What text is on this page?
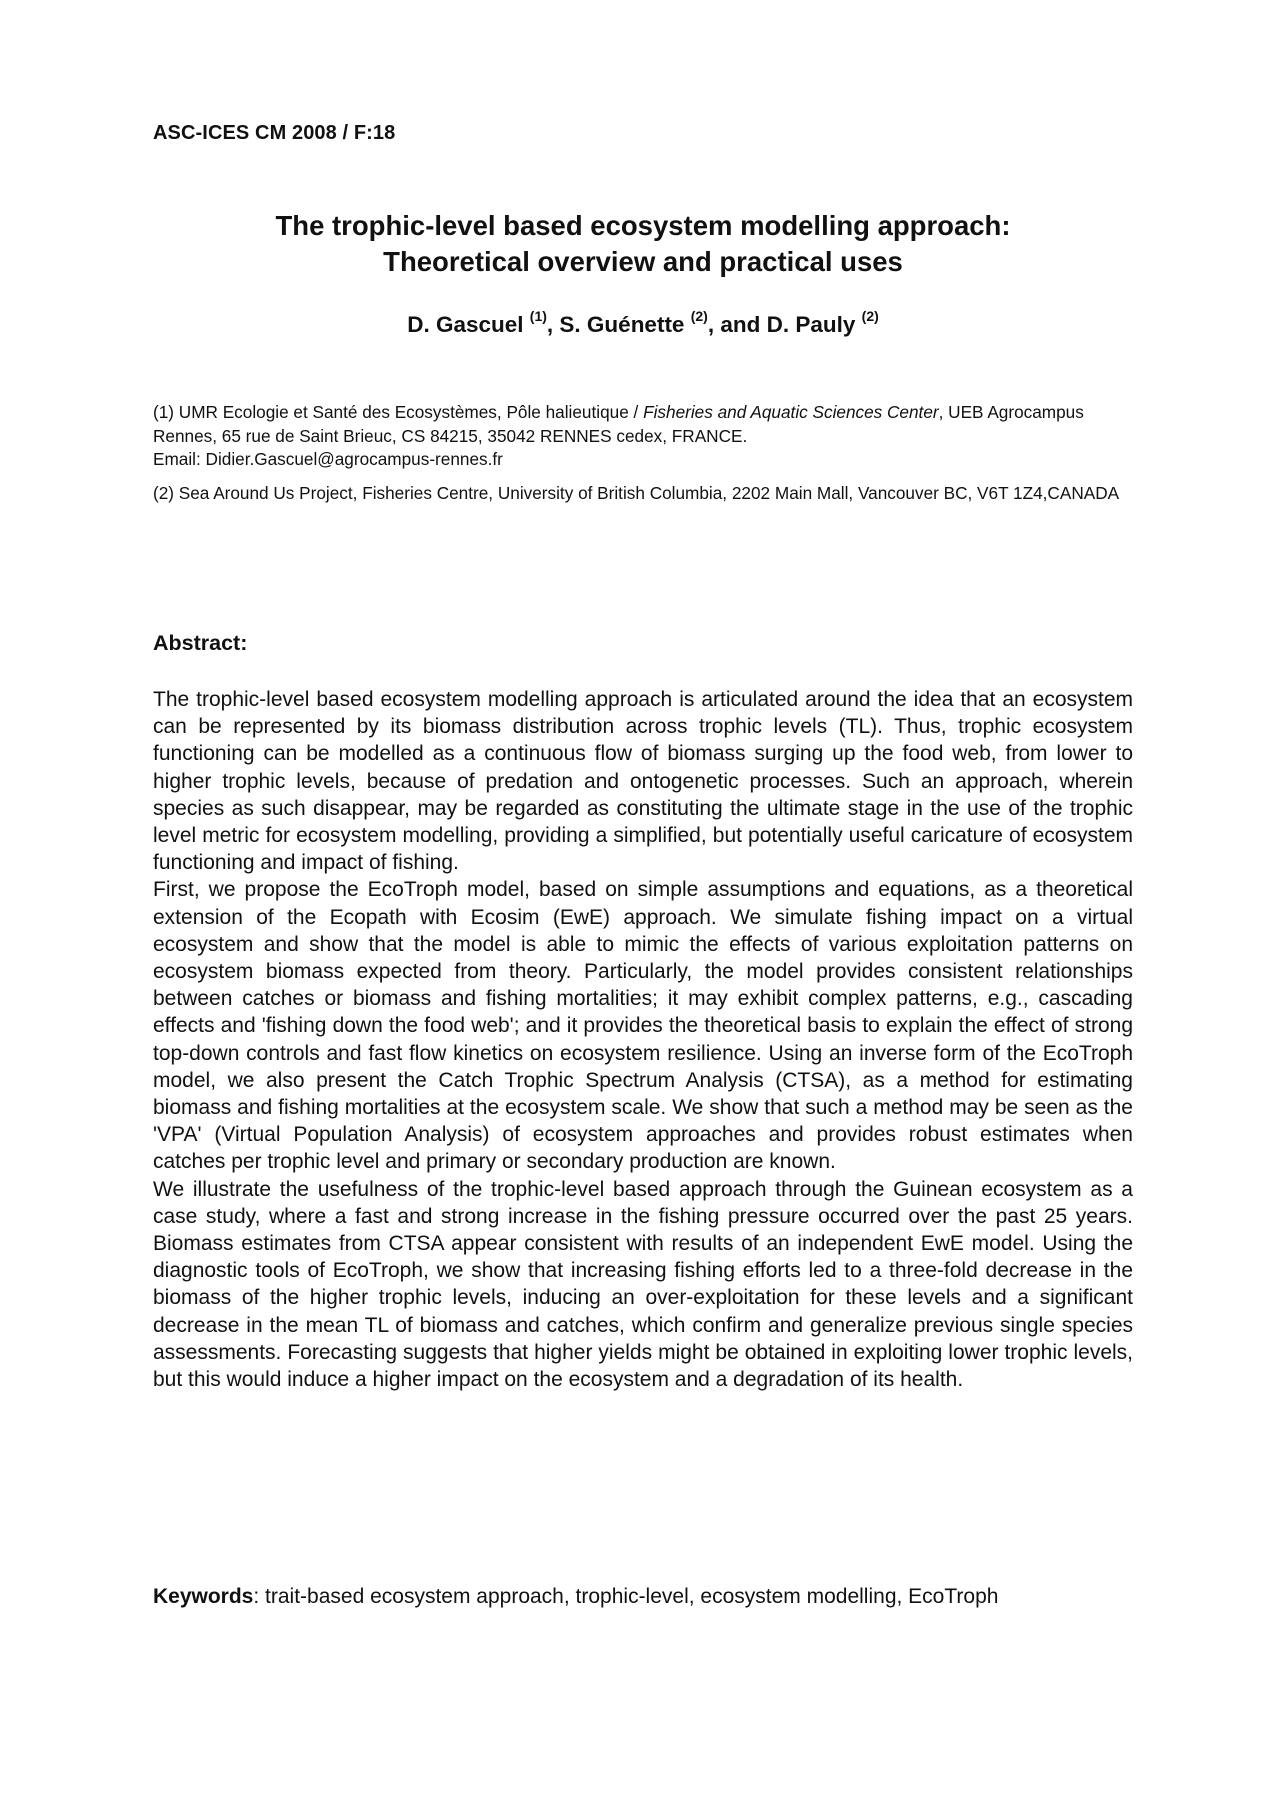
ASC-ICES CM 2008 / F:18
The trophic-level based ecosystem modelling approach:
Theoretical overview and practical uses
D. Gascuel $^{(1)}$, S. Guénette $^{(2)}$, and D. Pauly $^{(2)}$
(1) UMR Ecologie et Santé des Ecosystèmes, Pôle halieutique / Fisheries and Aquatic Sciences Center, UEB Agrocampus Rennes, 65 rue de Saint Brieuc, CS 84215, 35042 RENNES cedex, FRANCE.
Email: Didier.Gascuel@agrocampus-rennes.fr
(2) Sea Around Us Project, Fisheries Centre, University of British Columbia, 2202 Main Mall, Vancouver BC, V6T 1Z4,CANADA
Abstract:

The trophic-level based ecosystem modelling approach is articulated around the idea that an ecosystem can be represented by its biomass distribution across trophic levels (TL). Thus, trophic ecosystem functioning can be modelled as a continuous flow of biomass surging up the food web, from lower to higher trophic levels, because of predation and ontogenetic processes. Such an approach, wherein species as such disappear, may be regarded as constituting the ultimate stage in the use of the trophic level metric for ecosystem modelling, providing a simplified, but potentially useful caricature of ecosystem functioning and impact of fishing.

First, we propose the EcoTroph model, based on simple assumptions and equations, as a theoretical extension of the Ecopath with Ecosim (EwE) approach. We simulate fishing impact on a virtual ecosystem and show that the model is able to mimic the effects of various exploitation patterns on ecosystem biomass expected from theory. Particularly, the model provides consistent relationships between catches or biomass and fishing mortalities; it may exhibit complex patterns, e.g., cascading effects and 'fishing down the food web'; and it provides the theoretical basis to explain the effect of strong top-down controls and fast flow kinetics on ecosystem resilience. Using an inverse form of the EcoTroph model, we also present the Catch Trophic Spectrum Analysis (CTSA), as a method for estimating biomass and fishing mortalities at the ecosystem scale. We show that such a method may be seen as the 'VPA' (Virtual Population Analysis) of ecosystem approaches and provides robust estimates when catches per trophic level and primary or secondary production are known.

We illustrate the usefulness of the trophic-level based approach through the Guinean ecosystem as a case study, where a fast and strong increase in the fishing pressure occurred over the past 25 years. Biomass estimates from CTSA appear consistent with results of an independent EwE model. Using the diagnostic tools of EcoTroph, we show that increasing fishing efforts led to a three-fold decrease in the biomass of the higher trophic levels, inducing an over-exploitation for these levels and a significant decrease in the mean TL of biomass and catches, which confirm and generalize previous single species assessments. Forecasting suggests that higher yields might be obtained in exploiting lower trophic levels, but this would induce a higher impact on the ecosystem and a degradation of its health.

Keywords: trait-based ecosystem approach, trophic-level, ecosystem modelling, EcoTroph
